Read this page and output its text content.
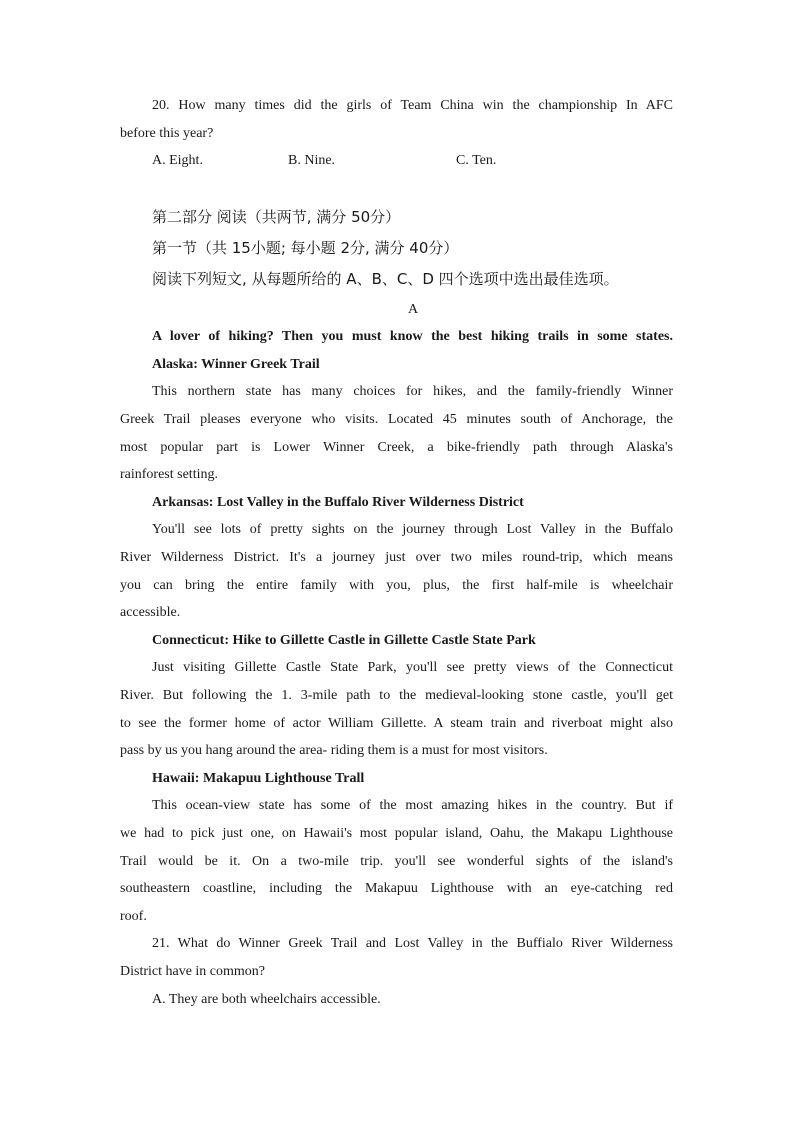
20. How many times did the girls of Team China win the championship In AFC
before this year?
A. Eight.	B. Nine.	C. Ten.
第二部分 阅读（共两节, 满分 50分）
第一节（共 15小题; 每小题 2分, 满分 40分）
阅读下列短文, 从每题所给的 A、B、C、D 四个选项中选出最佳选项。
A
A lover of hiking? Then you must know the best hiking trails in some states.
Alaska: Winner Greek Trail
This northern state has many choices for hikes, and the family-friendly Winner
Greek Trail pleases everyone who visits. Located 45 minutes south of Anchorage, the
most popular part is Lower Winner Creek, a bike-friendly path through Alaska's
rainforest setting.
Arkansas: Lost Valley in the Buffalo River Wilderness District
You'll see lots of pretty sights on the journey through Lost Valley in the Buffalo
River Wilderness District. It's a journey just over two miles round-trip, which means
you can bring the entire family with you, plus, the first half-mile is wheelchair
accessible.
Connecticut: Hike to Gillette Castle in Gillette Castle State Park
Just visiting Gillette Castle State Park, you'll see pretty views of the Connecticut
River. But following the 1. 3-mile path to the medieval-looking stone castle, you'll get
to see the former home of actor William Gillette. A steam train and riverboat might also
pass by us you hang around the area- riding them is a must for most visitors.
Hawaii: Makapuu Lighthouse Trall
This ocean-view state has some of the most amazing hikes in the country. But if
we had to pick just one, on Hawaii's most popular island, Oahu, the Makapu Lighthouse
Trail would be it. On a two-mile trip. you'll see wonderful sights of the island's
southeastern coastline, including the Makapuu Lighthouse with an eye-catching red
roof.
21. What do Winner Greek Trail and Lost Valley in the Buffialo River Wilderness
District have in common?
A. They are both wheelchairs accessible.
